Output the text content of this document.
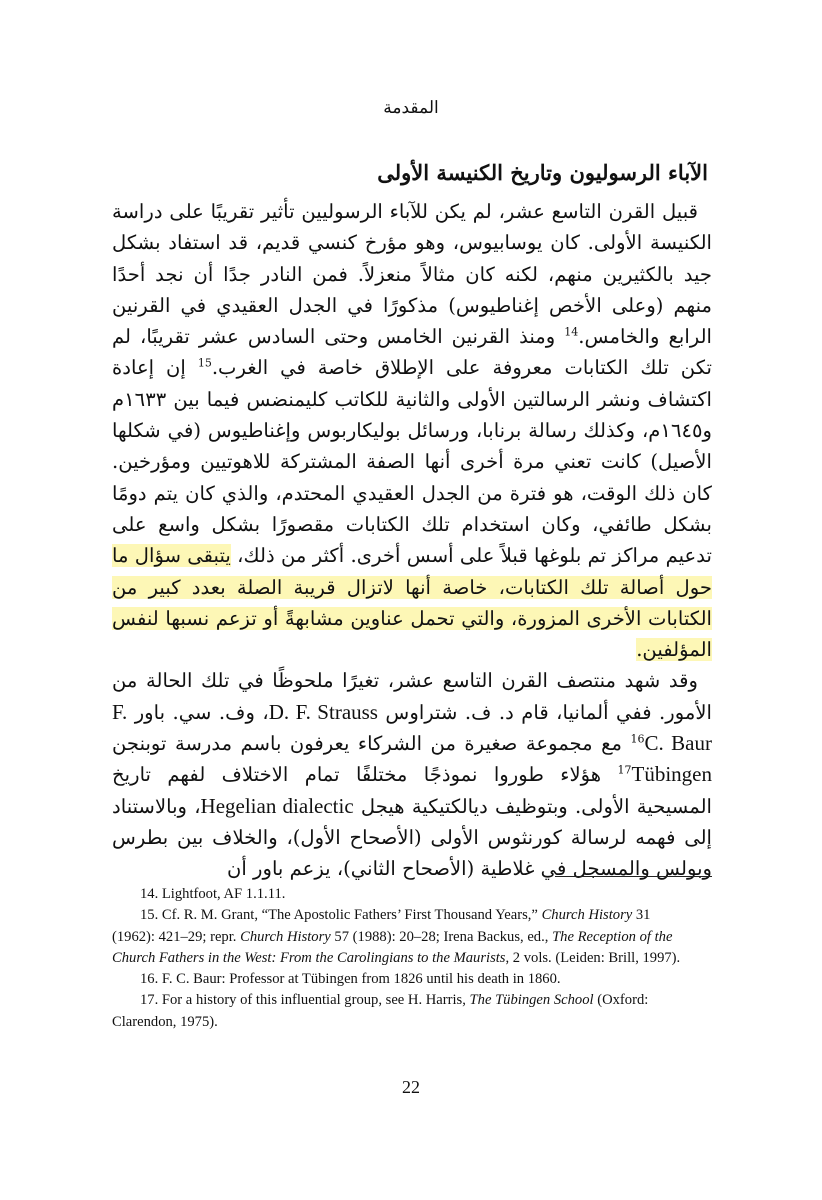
المقدمة
الآباء الرسوليون وتاريخ الكنيسة الأولى

قبيل القرن التاسع عشر، لم يكن للآباء الرسوليين تأثير تقريبًا على دراسة الكنيسة الأولى. كان يوسابيوس، وهو مؤرخ كنسي قديم، قد استفاد بشكل جيد بالكثيرين منهم، لكنه كان مثالاً منعزلاً. فمن النادر جدًا أن نجد أحدًا منهم (وعلى الأخص إغناطيوس) مذكورًا في الجدل العقيدي في القرنين الرابع والخامس.$^{14}$ ومنذ القرنين الخامس وحتى السادس عشر تقريبًا، لم تكن تلك الكتابات معروفة على الإطلاق خاصة في الغرب.$^{15}$ إن إعادة اكتشاف ونشر الرسالتين الأولى والثانية للكاتب كليمنضس فيما بين ١٦٣٣م و١٦٤٥م، وكذلك رسالة برنابا، ورسائل بوليكاربوس وإغناطيوس (في شكلها الأصيل) كانت تعني مرة أخرى أنها الصفة المشتركة للاهوتيين ومؤرخين. كان ذلك الوقت، هو فترة من الجدل العقيدي المحتدم، والذي كان يتم دومًا بشكل طائفي، وكان استخدام تلك الكتابات مقصورًا بشكل واسع على تدعيم مراكز تم بلوغها قبلاً على أسس أخرى. أكثر من ذلك، يتبقى سؤال ما حول أصالة تلك الكتابات، خاصة أنها لاتزال قريبة الصلة بعدد كبير من الكتابات الأخرى المزورة، والتي تحمل عناوين مشابهةً أو تزعم نسبها لنفس المؤلفين.

وقد شهد منتصف القرن التاسع عشر، تغيرًا ملحوظًا في تلك الحالة من الأمور. ففي ألمانيا، قام د. ف. شتراوس D. F. Strauss، وف. سي. باور F. C. Baur$^{16}$ مع مجموعة صغيرة من الشركاء يعرفون باسم مدرسة توبنجن Tübingen$^{17}$ هؤلاء طوروا نموذجًا مختلفًا تمام الاختلاف لفهم تاريخ المسيحية الأولى. وبتوظيف ديالكتيكية هيجل Hegelian dialectic، وبالاستناد إلى فهمه لرسالة كورنثوس الأولى (الأصحاح الأول)، والخلاف بين بطرس وبولس والمسجل في غلاطية (الأصحاح الثاني)، يزعم باور أن

14. Lightfoot, AF 1.1.11.

15. Cf. R. M. Grant, “The Apostolic Fathers’ First Thousand Years,” Church History 31 (1962): 421–29; repr. Church History 57 (1988): 20–28; Irena Backus, ed., The Reception of the Church Fathers in the West: From the Carolingians to the Maurists, 2 vols. (Leiden: Brill, 1997).

16. F. C. Baur: Professor at Tübingen from 1826 until his death in 1860.

17. For a history of this influential group, see H. Harris, The Tübingen School (Oxford: Clarendon, 1975).

22
